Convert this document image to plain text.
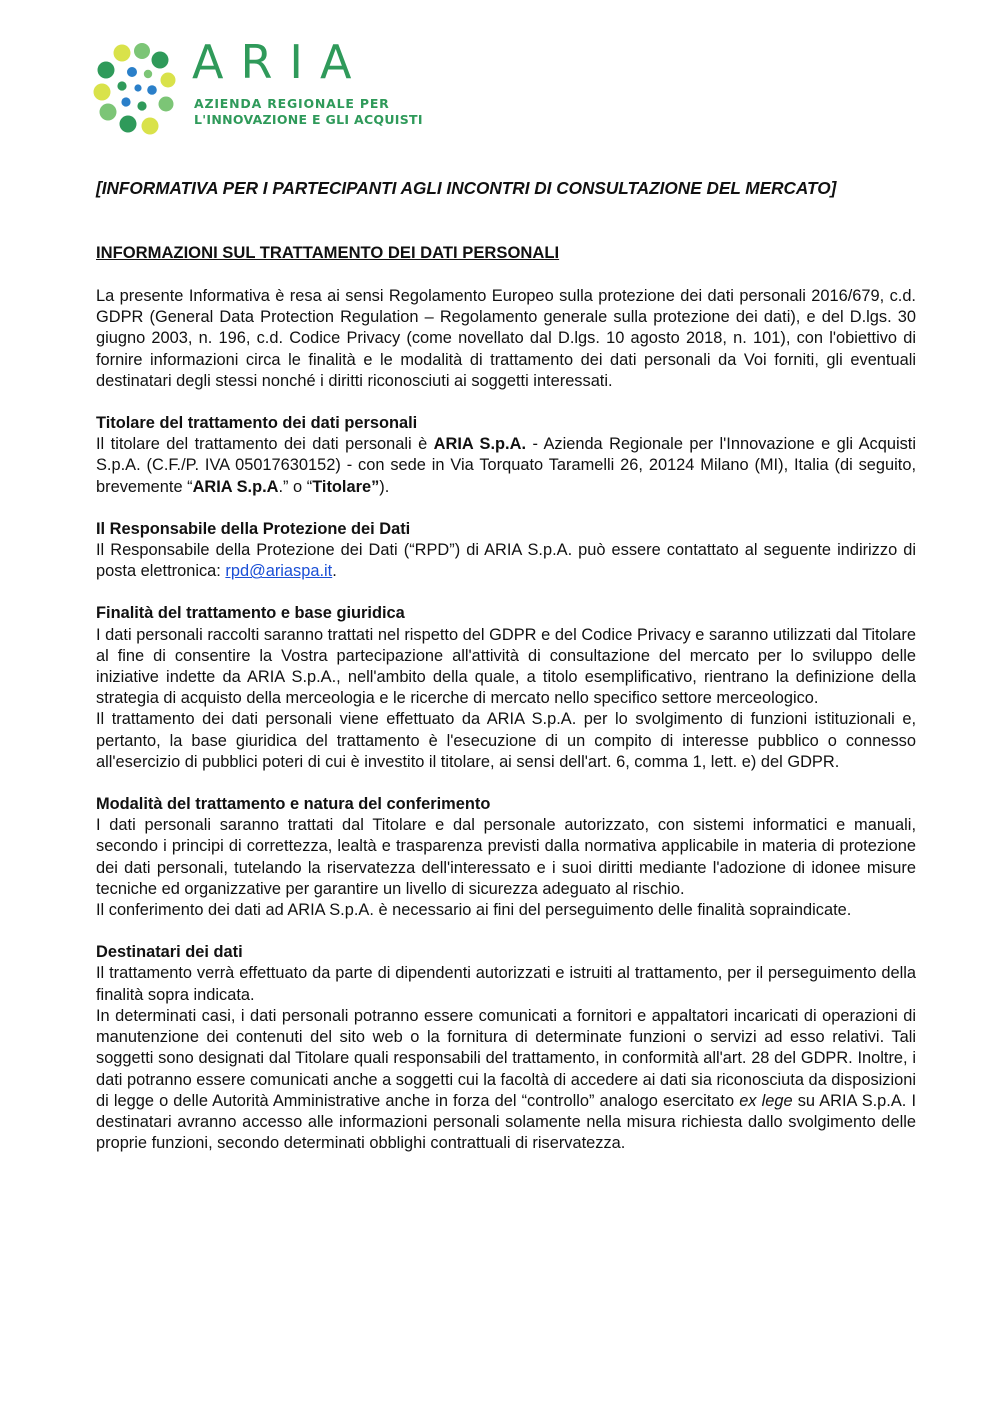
ARIA
AZIENDA REGIONALE PER
L'INNOVAZIONE E GLI ACQUISTI
[INFORMATIVA PER I PARTECIPANTI AGLI INCONTRI DI CONSULTAZIONE DEL MERCATO]
INFORMAZIONI SUL TRATTAMENTO DEI DATI PERSONALI

La presente Informativa è resa ai sensi Regolamento Europeo sulla protezione dei dati personali 2016/679, c.d. GDPR (General Data Protection Regulation – Regolamento generale sulla protezione dei dati), e del D.lgs. 30 giugno 2003, n. 196, c.d. Codice Privacy (come novellato dal D.lgs. 10 agosto 2018, n. 101), con l'obiettivo di fornire informazioni circa le finalità e le modalità di trattamento dei dati personali da Voi forniti, gli eventuali destinatari degli stessi nonché i diritti riconosciuti ai soggetti interessati.

Titolare del trattamento dei dati personali

Il titolare del trattamento dei dati personali è ARIA S.p.A. - Azienda Regionale per l'Innovazione e gli Acquisti S.p.A. (C.F./P. IVA 05017630152) - con sede in Via Torquato Taramelli 26, 20124 Milano (MI), Italia (di seguito, brevemente “ARIA S.p.A.” o “Titolare”).

Il Responsabile della Protezione dei Dati

Il Responsabile della Protezione dei Dati (“RPD”) di ARIA S.p.A. può essere contattato al seguente indirizzo di posta elettronica: rpd@ariaspa.it.

Finalità del trattamento e base giuridica

I dati personali raccolti saranno trattati nel rispetto del GDPR e del Codice Privacy e saranno utilizzati dal Titolare al fine di consentire la Vostra partecipazione all'attività di consultazione del mercato per lo sviluppo delle iniziative indette da ARIA S.p.A., nell'ambito della quale, a titolo esemplificativo, rientrano la definizione della strategia di acquisto della merceologia e le ricerche di mercato nello specifico settore merceologico.

Il trattamento dei dati personali viene effettuato da ARIA S.p.A. per lo svolgimento di funzioni istituzionali e, pertanto, la base giuridica del trattamento è l'esecuzione di un compito di interesse pubblico o connesso all'esercizio di pubblici poteri di cui è investito il titolare, ai sensi dell'art. 6, comma 1, lett. e) del GDPR.

Modalità del trattamento e natura del conferimento

I dati personali saranno trattati dal Titolare e dal personale autorizzato, con sistemi informatici e manuali, secondo i principi di correttezza, lealtà e trasparenza previsti dalla normativa applicabile in materia di protezione dei dati personali, tutelando la riservatezza dell'interessato e i suoi diritti mediante l'adozione di idonee misure tecniche ed organizzative per garantire un livello di sicurezza adeguato al rischio.

Il conferimento dei dati ad ARIA S.p.A. è necessario ai fini del perseguimento delle finalità sopraindicate.

Destinatari dei dati

Il trattamento verrà effettuato da parte di dipendenti autorizzati e istruiti al trattamento, per il perseguimento della finalità sopra indicata.

In determinati casi, i dati personali potranno essere comunicati a fornitori e appaltatori incaricati di operazioni di manutenzione dei contenuti del sito web o la fornitura di determinate funzioni o servizi ad esso relativi. Tali soggetti sono designati dal Titolare quali responsabili del trattamento, in conformità all'art. 28 del GDPR. Inoltre, i dati potranno essere comunicati anche a soggetti cui la facoltà di accedere ai dati sia riconosciuta da disposizioni di legge o delle Autorità Amministrative anche in forza del “controllo” analogo esercitato ex lege su ARIA S.p.A. I destinatari avranno accesso alle informazioni personali solamente nella misura richiesta dallo svolgimento delle proprie funzioni, secondo determinati obblighi contrattuali di riservatezza.
